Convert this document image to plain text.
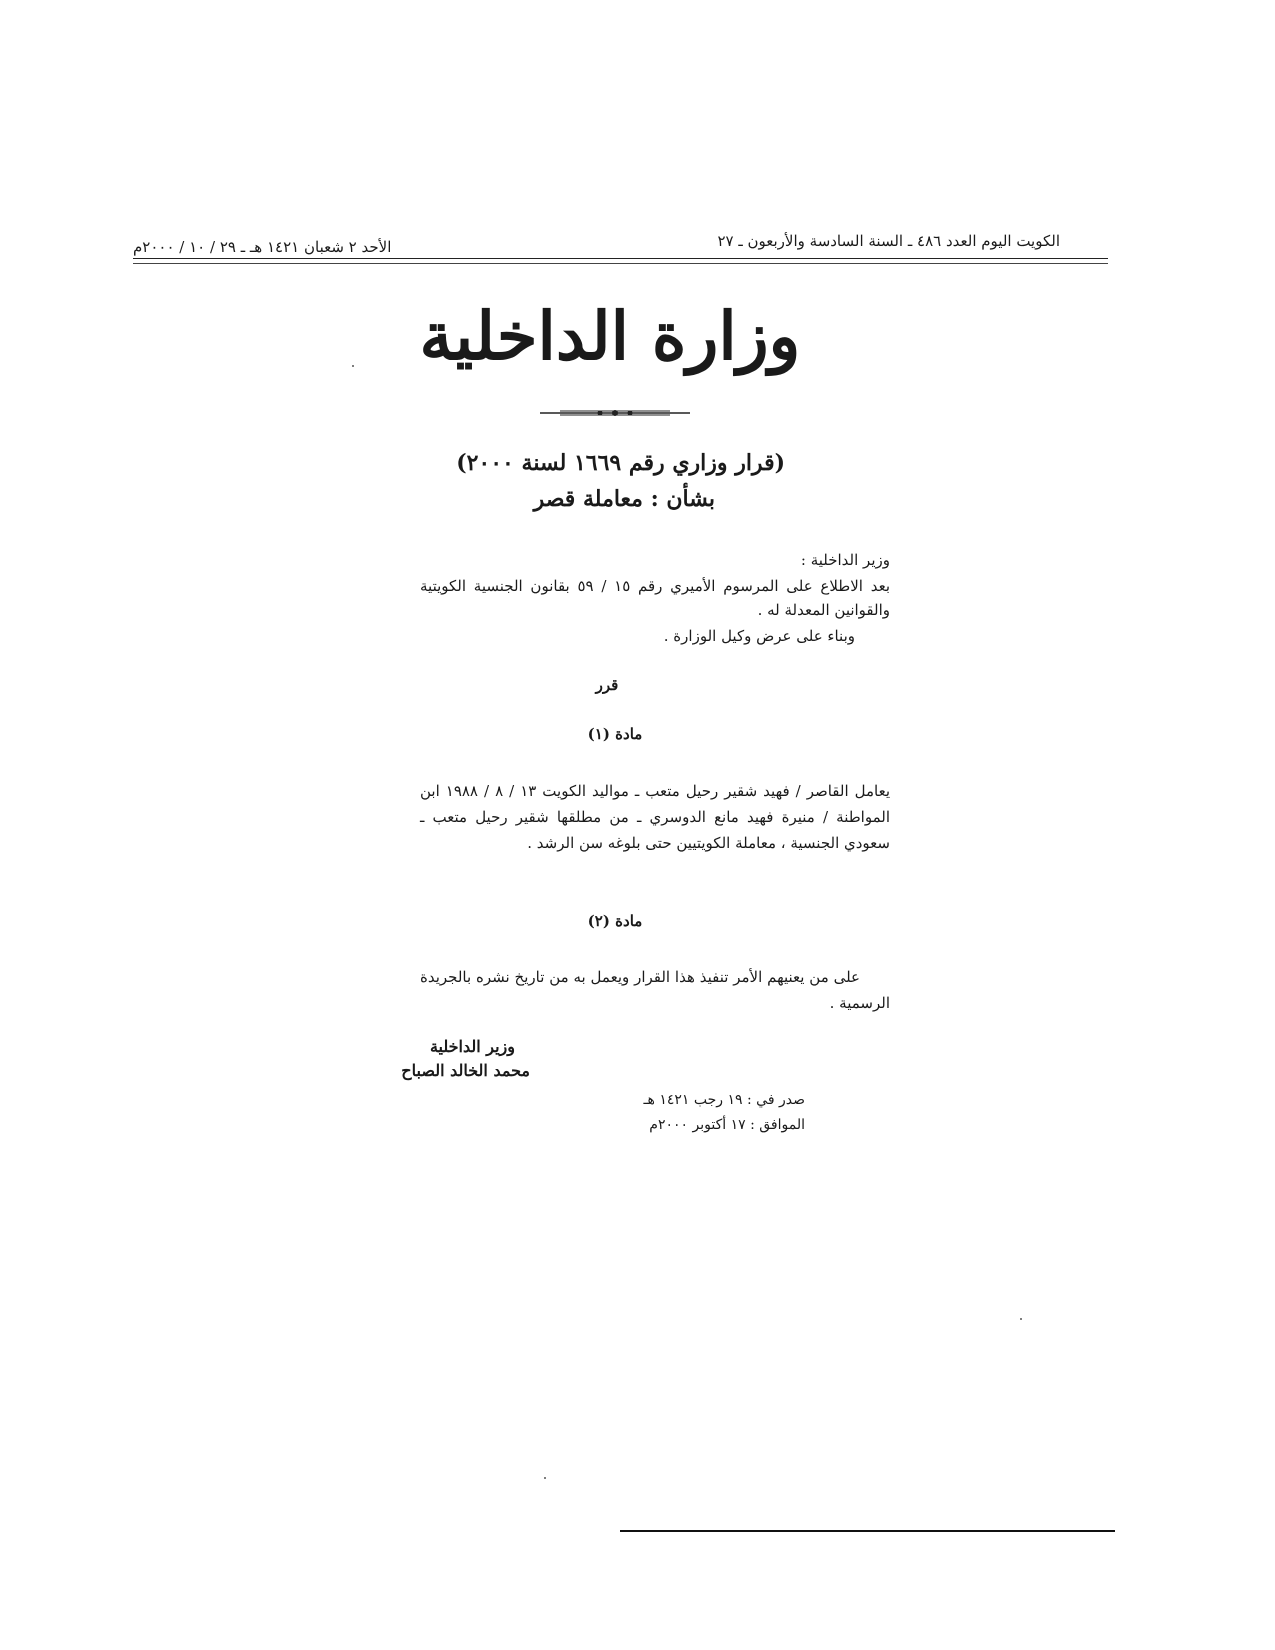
الكويت اليوم العدد ٤٨٦ ـ السنة السادسة والأربعون ـ ٢٧
الأحد ٢ شعبان ١٤٢١ هـ ـ ٢٩ / ١٠ / ٢٠٠٠م
وزارة الداخلية
(قرار وزاري رقم ١٦٦٩ لسنة ٢٠٠٠)
بشأن : معاملة قصر
وزير الداخلية :
بعد الاطلاع على المرسوم الأميري رقم ١٥ / ٥٩ بقانون الجنسية الكويتية والقوانين المعدلة له .
وبناء على عرض وكيل الوزارة .
قرر
مادة (١)
يعامل القاصر / فهيد شقير رحيل متعب ـ مواليد الكويت ١٣ / ٨ / ١٩٨٨ ابن المواطنة / منيرة فهيد مانع الدوسري ـ من مطلقها شقير رحيل متعب ـ سعودي الجنسية ، معاملة الكويتيين حتى بلوغه سن الرشد .
مادة (٢)
على من يعنيهم الأمر تنفيذ هذا القرار ويعمل به من تاريخ نشره بالجريدة الرسمية .
وزير الداخلية
محمد الخالد الصباح
صدر في : ١٩ رجب ١٤٢١ هـ
الموافق : ١٧ أكتوبر ٢٠٠٠م
